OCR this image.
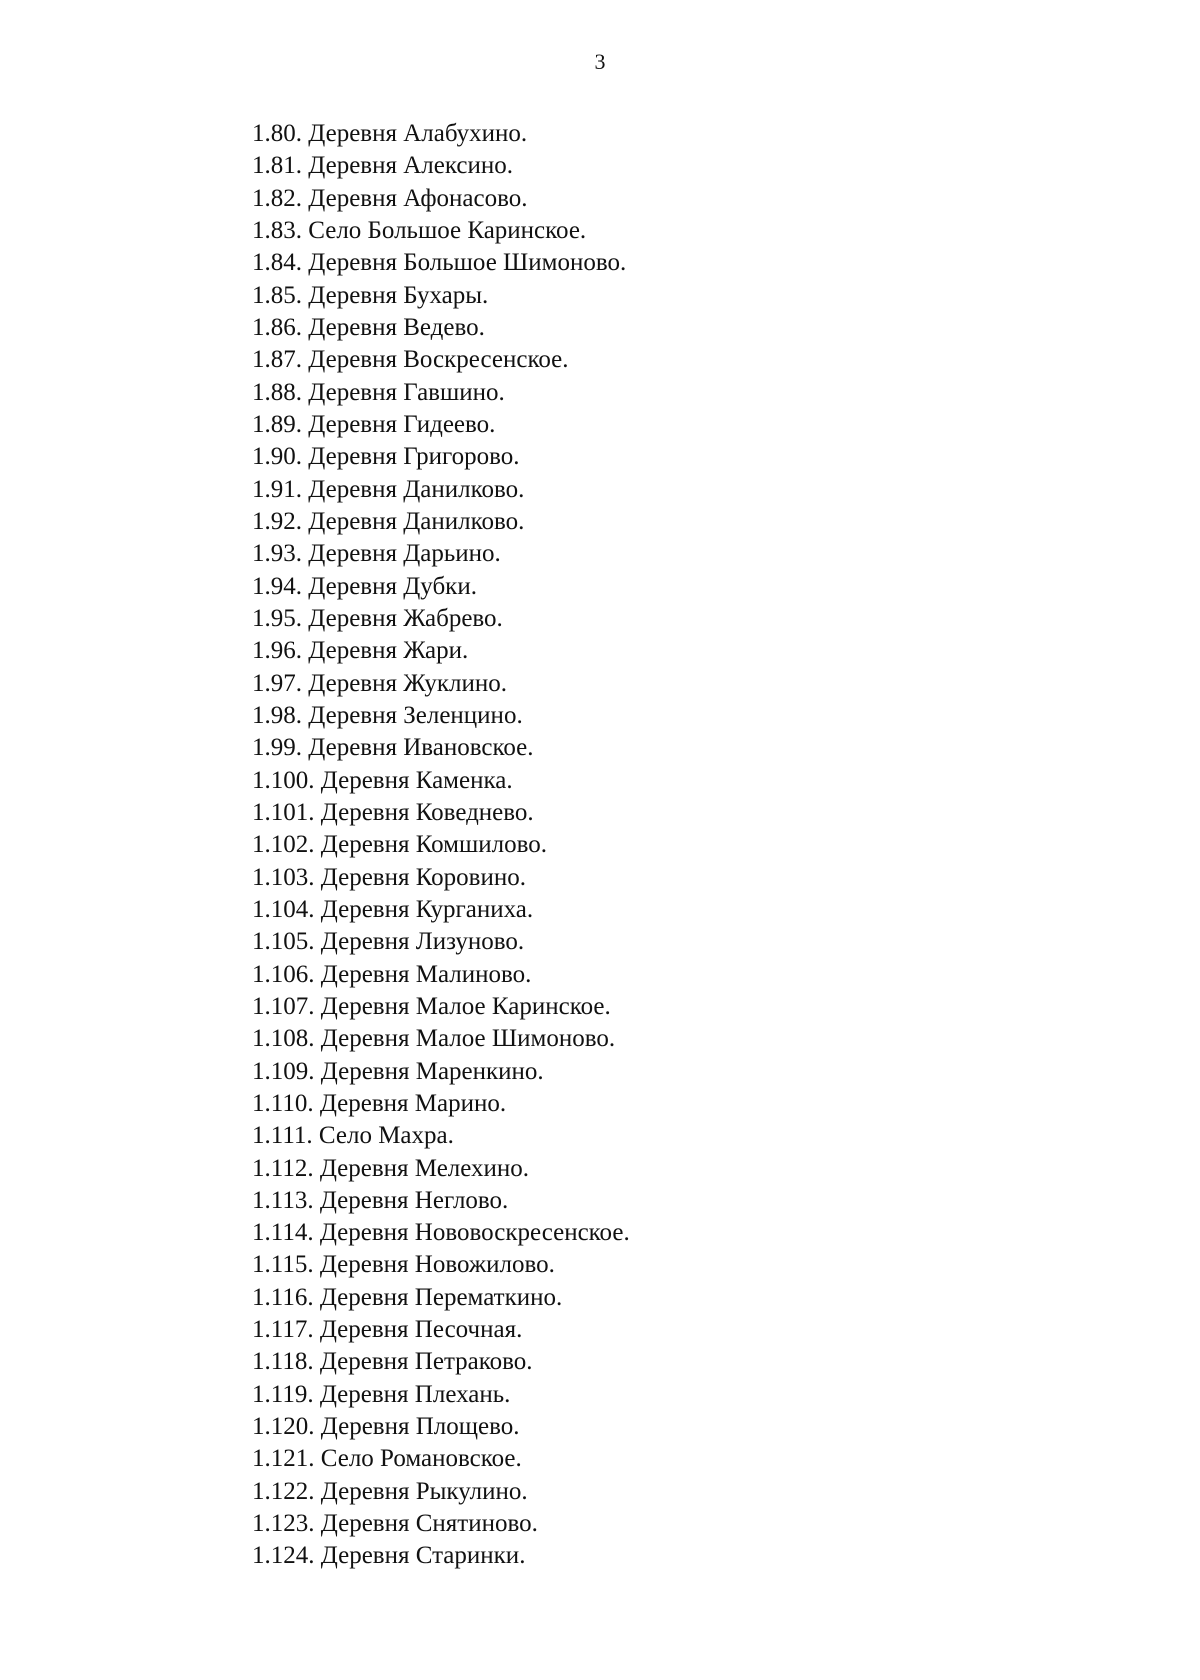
3
1.80. Деревня Алабухино.
1.81. Деревня Алексино.
1.82. Деревня Афонасово.
1.83. Село Большое Каринское.
1.84. Деревня Большое Шимоново.
1.85. Деревня Бухары.
1.86. Деревня Ведево.
1.87. Деревня Воскресенское.
1.88. Деревня Гавшино.
1.89. Деревня Гидеево.
1.90. Деревня Григорово.
1.91. Деревня Данилково.
1.92. Деревня Данилково.
1.93. Деревня Дарьино.
1.94. Деревня Дубки.
1.95. Деревня Жабрево.
1.96. Деревня Жари.
1.97. Деревня Жуклино.
1.98. Деревня Зеленцино.
1.99. Деревня Ивановское.
1.100. Деревня Каменка.
1.101. Деревня Коведнево.
1.102. Деревня Комшилово.
1.103. Деревня Коровино.
1.104. Деревня Курганиха.
1.105. Деревня Лизуново.
1.106. Деревня Малиново.
1.107. Деревня Малое Каринское.
1.108. Деревня Малое Шимоново.
1.109. Деревня Маренкино.
1.110. Деревня Марино.
1.111. Село Махра.
1.112. Деревня Мелехино.
1.113. Деревня Неглово.
1.114. Деревня Нововоскресенское.
1.115. Деревня Новожилово.
1.116. Деревня Перематкино.
1.117. Деревня Песочная.
1.118. Деревня Петраково.
1.119. Деревня Плехань.
1.120. Деревня Площево.
1.121. Село Романовское.
1.122. Деревня Рыкулино.
1.123. Деревня Снятиново.
1.124. Деревня Старинки.
